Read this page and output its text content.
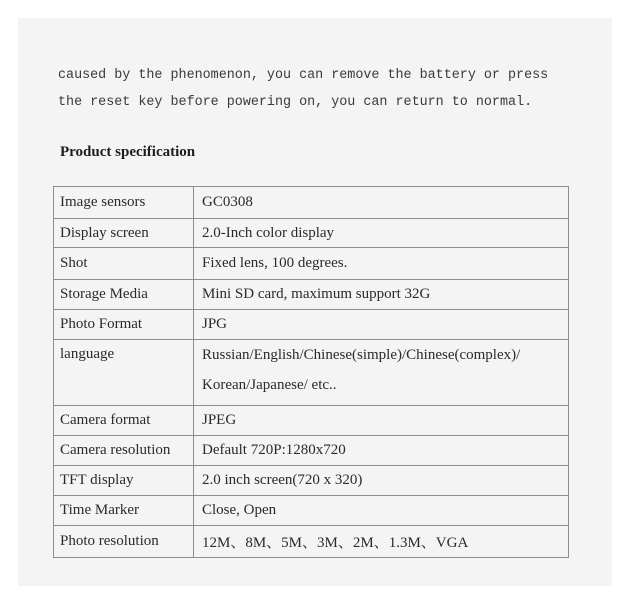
caused by the phenomenon, you can remove the battery or press
the reset key before powering on, you can return to normal.
Product specification
Image sensors	GC0308
Display screen	2.0-Inch color display
Shot	Fixed lens, 100 degrees.
Storage Media	Mini SD card, maximum support 32G
Photo Format	JPG
language	Russian/English/Chinese(simple)/Chinese(complex)/
Korean/Japanese/ etc..

Camera format	JPEG
Camera resolution	Default 720P:1280x720
TFT display	2.0 inch screen(720 x 320)
Time Marker	Close, Open
Photo resolution	12M、8M、5M、3M、2M、1.3M、VGA
